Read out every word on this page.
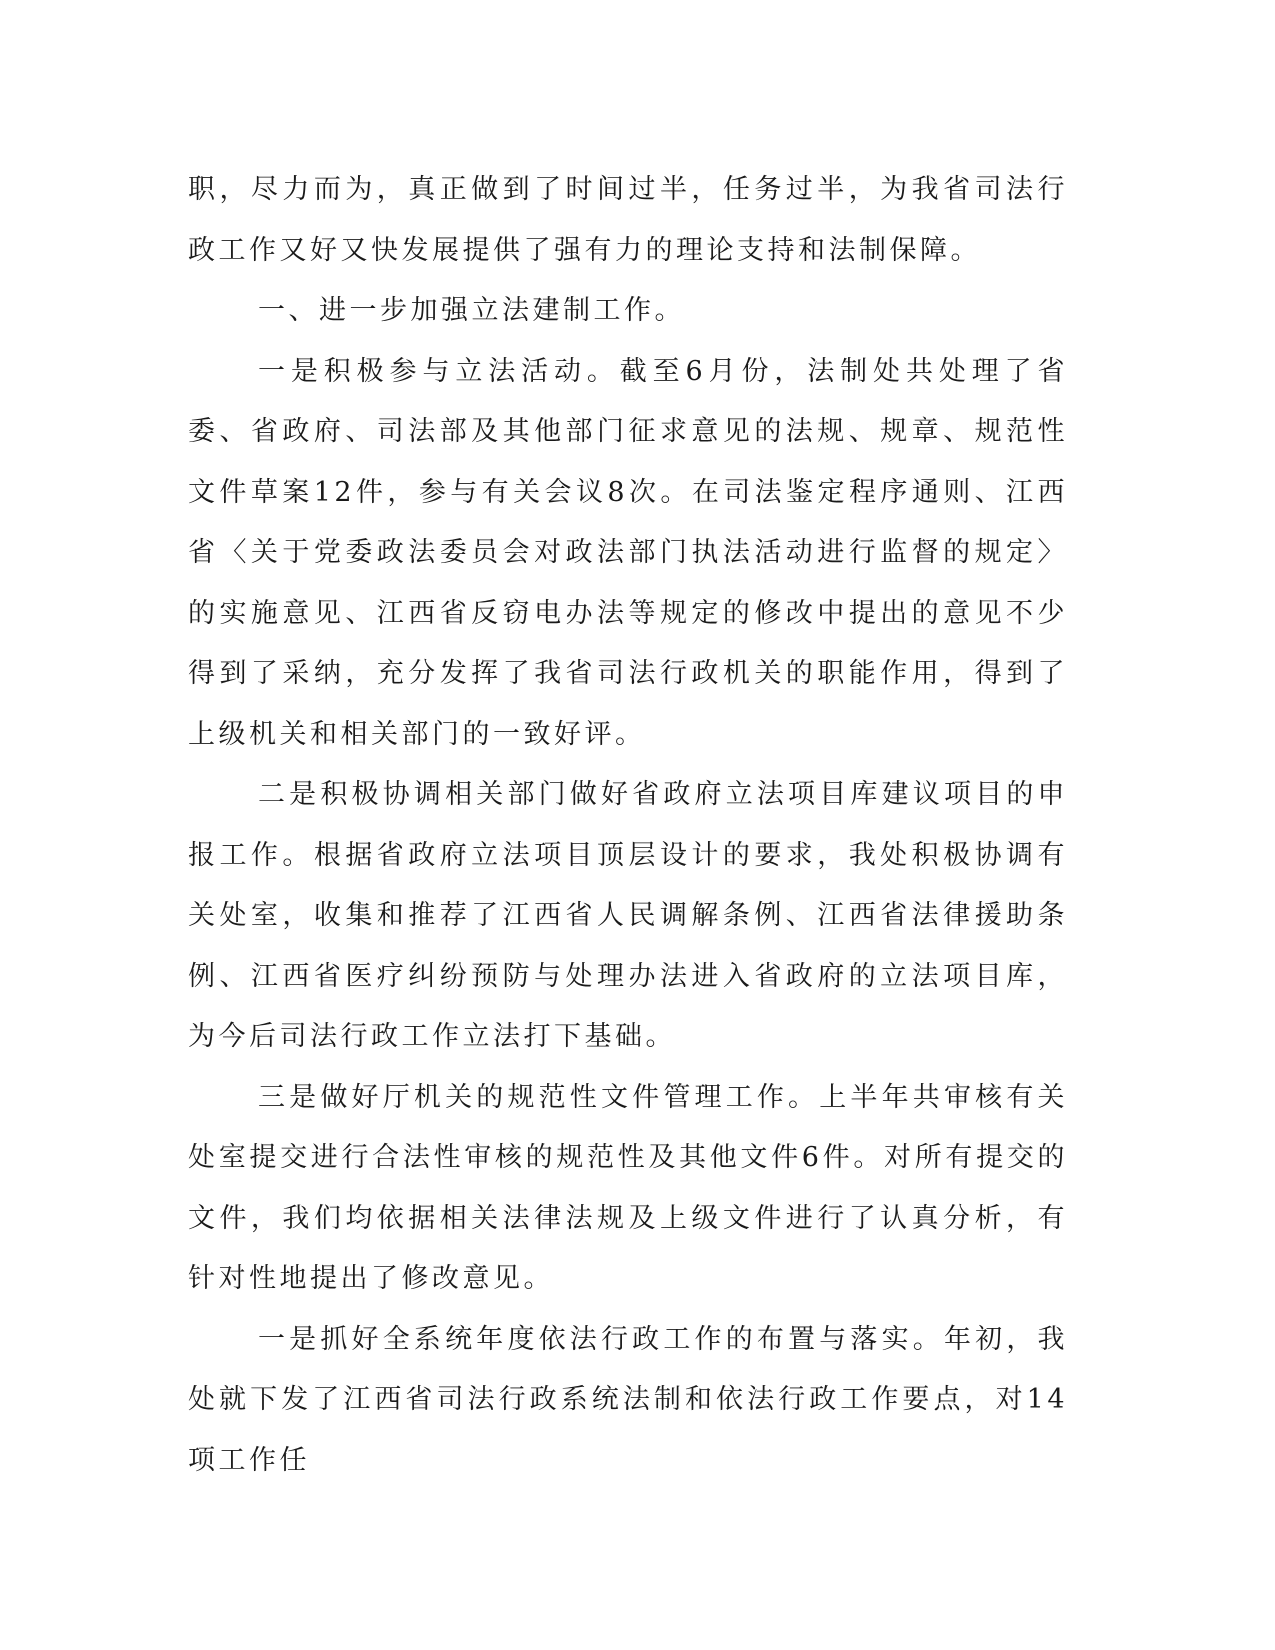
职，尽力而为，真正做到了时间过半，任务过半，为我省司法行政工作又好又快发展提供了强有力的理论支持和法制保障。

一、进一步加强立法建制工作。

一是积极参与立法活动。截至6月份，法制处共处理了省委、省政府、司法部及其他部门征求意见的法规、规章、规范性文件草案12件，参与有关会议8次。在司法鉴定程序通则、江西省〈关于党委政法委员会对政法部门执法活动进行监督的规定〉的实施意见、江西省反窃电办法等规定的修改中提出的意见不少得到了采纳，充分发挥了我省司法行政机关的职能作用，得到了上级机关和相关部门的一致好评。

二是积极协调相关部门做好省政府立法项目库建议项目的申报工作。根据省政府立法项目顶层设计的要求，我处积极协调有关处室，收集和推荐了江西省人民调解条例、江西省法律援助条例、江西省医疗纠纷预防与处理办法进入省政府的立法项目库，为今后司法行政工作立法打下基础。

三是做好厅机关的规范性文件管理工作。上半年共审核有关处室提交进行合法性审核的规范性及其他文件6件。对所有提交的文件，我们均依据相关法律法规及上级文件进行了认真分析，有针对性地提出了修改意见。

一是抓好全系统年度依法行政工作的布置与落实。年初，我处就下发了江西省司法行政系统法制和依法行政工作要点，对14项工作任
